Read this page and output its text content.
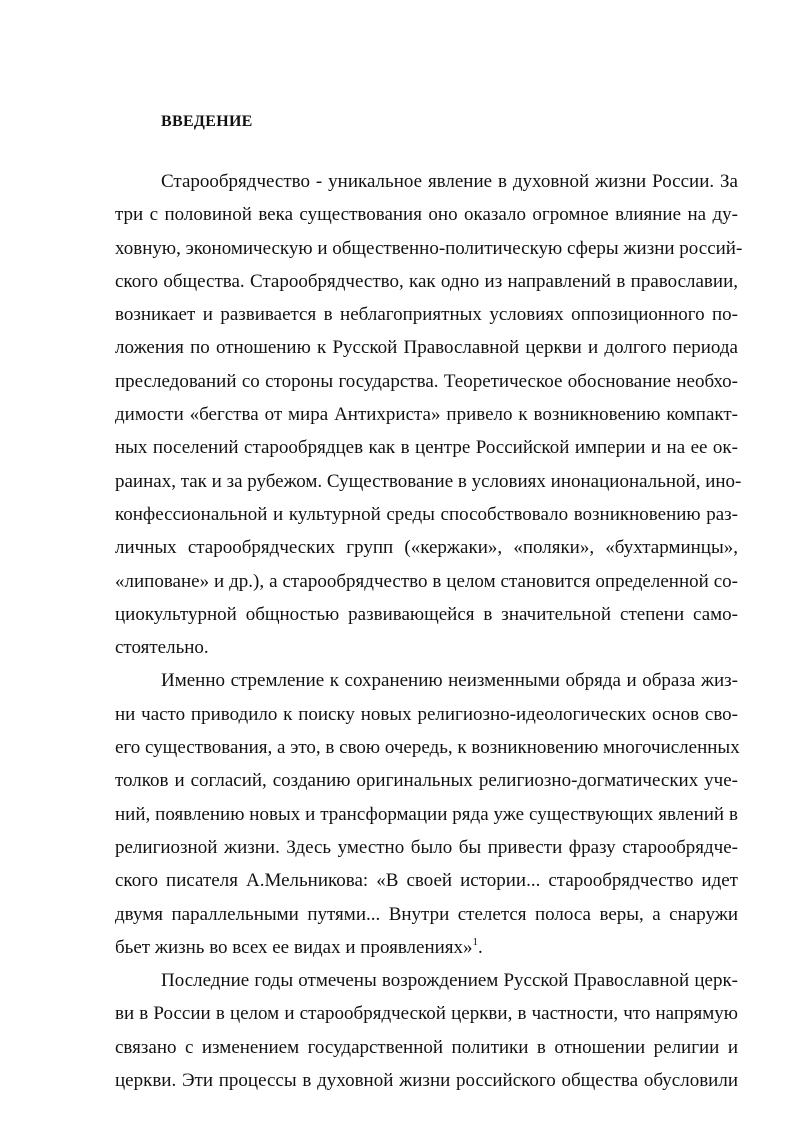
ВВЕДЕНИЕ
Старообрядчество - уникальное явление в духовной жизни России. За
три с половиной века существования оно оказало огромное влияние на ду-
ховную, экономическую и общественно-политическую сферы жизни россий-
ского общества. Старообрядчество, как одно из направлений в православии,
возникает и развивается в неблагоприятных условиях оппозиционного по-
ложения по отношению к Русской Православной церкви и долгого периода
преследований со стороны государства. Теоретическое обоснование необхо-
димости «бегства от мира Антихриста» привело к возникновению компакт-
ных поселений старообрядцев как в центре Российской империи и на ее ок-
раинах, так и за рубежом. Существование в условиях инонациональной, ино-
конфессиональной и культурной среды способствовало возникновению раз-
личных старообрядческих групп («кержаки», «поляки», «бухтарминцы»,
«липоване» и др.), а старообрядчество в целом становится определенной со-
циокультурной общностью развивающейся в значительной степени само-
стоятельно.
Именно стремление к сохранению неизменными обряда и образа жиз-
ни часто приводило к поиску новых религиозно-идеологических основ сво-
его существования, а это, в свою очередь, к возникновению многочисленных
толков и согласий, созданию оригинальных религиозно-догматических уче-
ний, появлению новых и трансформации ряда уже существующих явлений в
религиозной жизни. Здесь уместно было бы привести фразу старообрядче-
ского писателя А.Мельникова: «В своей истории... старообрядчество идет
двумя параллельными путями... Внутри стелется полоса веры, а снаружи
бьет жизнь во всех ее видах и проявлениях»$^1$.
Последние годы отмечены возрождением Русской Православной церк-
ви в России в целом и старообрядческой церкви, в частности, что напрямую
связано с изменением государственной политики в отношении религии и
церкви. Эти процессы в духовной жизни российского общества обусловили
